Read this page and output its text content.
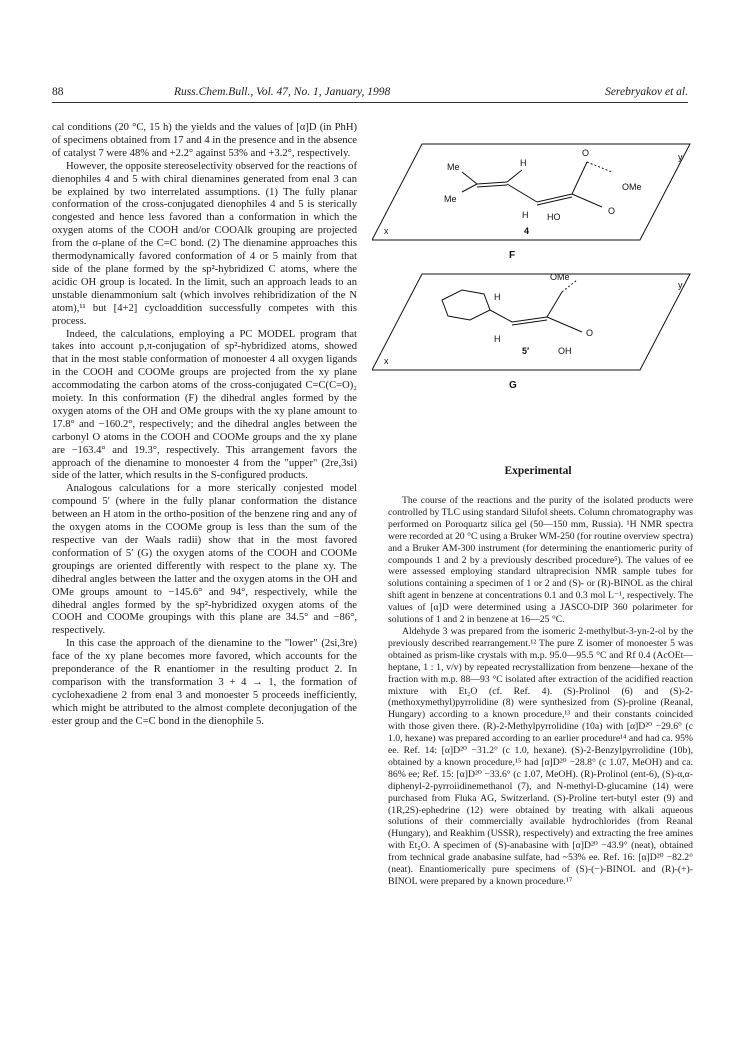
88	Russ.Chem.Bull., Vol. 47, No. 1, January, 1998	Serebryakov et al.

cal conditions (20 °C, 15 h) the yields and the values of [α]D (in PhH) of specimens obtained from 17 and 4 in the presence and in the absence of catalyst 7 were 48% and +2.2° against 53% and +3.2°, respectively.

However, the opposite stereoselectivity observed for the reactions of dienophiles 4 and 5 with chiral dienamines generated from enal 3 can be explained by two interrelated assumptions. (1) The fully planar conformation of the cross-conjugated dienophiles 4 and 5 is sterically congested and hence less favored than a conformation in which the oxygen atoms of the COOH and/or COOAlk grouping are projected from the σ-plane of the C=C bond. (2) The dienamine approaches this thermodynamically favored conformation of 4 or 5 mainly from that side of the plane formed by the sp²-hybridized C atoms, where the acidic OH group is located. In the limit, such an approach leads to an unstable dienammonium salt (which involves rehibridization of the N atom),¹¹ but [4+2] cycloaddition successfully competes with this process.

Indeed, the calculations, employing a PC MODEL program that takes into account p,π-conjugation of sp²-hybridized atoms, showed that in the most stable conformation of monoester 4 all oxygen ligands in the COOH and COOMe groups are projected from the xy plane accommodating the carbon atoms of the cross-conjugated C=C(C=O)₂ moiety. In this conformation (F) the dihedral angles formed by the oxygen atoms of the OH and OMe groups with the xy plane amount to 17.8° and −160.2°, respectively; and the dihedral angles between the carbonyl O atoms in the COOH and COOMe groups and the xy plane are −163.4° and 19.3°, respectively. This arrangement favors the approach of the dienamine to monoester 4 from the "upper" (2re,3si) side of the latter, which results in the S-configured products.

Analogous calculations for a more sterically conjested model compound 5′ (where in the fully planar conformation the distance between an H atom in the ortho-position of the benzene ring and any of the oxygen atoms in the COOMe group is less than the sum of the respective van der Waals radii) show that in the most favored conformation of 5′ (G) the oxygen atoms of the COOH and COOMe groupings are oriented differently with respect to the plane xy. The dihedral angles between the latter and the oxygen atoms in the OH and OMe groups amount to −145.6° and 94°, respectively, while the dihedral angles formed by the sp²-hybridized oxygen atoms of the COOH and COOMe groupings with this plane are 34.5° and −86°, respectively.

In this case the approach of the dienamine to the "lower" (2si,3re) face of the xy plane becomes more favored, which accounts for the preponderance of the R enantiomer in the resulting product 2. In comparison with the transformation 3 + 4 → 1, the formation of cyclohexadiene 2 from enal 3 and monoester 5 proceeds inefficiently, which might be attributed to the almost complete deconjugation of the ester group and the C=C bond in the dienophile 5.

y
x
Me
Me
H
H
O
OMe
HO
O
4
F
y
x
H
H
OMe
O
OH
5′
G
Experimental

The course of the reactions and the purity of the isolated products were controlled by TLC using standard Silufol sheets. Column chromatography was performed on Poroquartz silica gel (50—150 mm, Russia). ¹H NMR spectra were recorded at 20 °C using a Bruker WM-250 (for routine overview spectra) and a Bruker AM-300 instrument (for determining the enantiomeric purity of compounds 1 and 2 by a previously described procedure⁵). The values of ee were assessed employing standard ultraprecision NMR sample tubes for solutions containing a specimen of 1 or 2 and (S)- or (R)-BINOL as the chiral shift agent in benzene at concentrations 0.1 and 0.3 mol L⁻¹, respectively. The values of [α]D were determined using a JASCO-DIP 360 polarimeter for solutions of 1 and 2 in benzene at 16—25 °C.

Aldehyde 3 was prepared from the isomeric 2-methylbut-3-yn-2-ol by the previously described rearrangement.¹² The pure Z isomer of monoester 5 was obtained as prism-like crystals with m.p. 95.0—95.5 °C and Rf 0.4 (AcOEt—heptane, 1 : 1, v/v) by repeated recrystallization from benzene—hexane of the fraction with m.p. 88—93 °C isolated after extraction of the acidified reaction mixture with Et₂O (cf. Ref. 4). (S)-Prolinol (6) and (S)-2-(methoxymethyl)pyrrolidine (8) were synthesized from (S)-proline (Reanal, Hungary) according to a known procedure,¹³ and their constants coincided with those given there. (R)-2-Methylpyrrolidine (10a) with [α]D²⁰ −29.6° (c 1.0, hexane) was prepared according to an earlier procedure¹⁴ and had ca. 95% ee. Ref. 14: [α]D²⁰ −31.2° (c 1.0, hexane). (S)-2-Benzylpyrrolidine (10b), obtained by a known procedure,¹⁵ had [α]D²⁰ −28.8° (c 1.07, MeOH) and ca. 86% ee; Ref. 15: [α]D²⁰ −33.6° (c 1.07, MeOH). (R)-Prolinol (ent-6), (S)-α,α-diphenyl-2-pyrroiidinemethanol (7), and N-methyl-D-glucamine (14) were purchased from Fluka AG, Switzerland. (S)-Proline tert-butyl ester (9) and (1R,2S)-ephedrine (12) were obtained by treating with alkali aqueous solutions of their commercially available hydrochlorides (from Reanal (Hungary), and Reakhim (USSR), respectively) and extracting the free amines with Et₂O. A specimen of (S)-anabasine with [α]D²⁰ −43.9° (neat), obtained from technical grade anabasine sulfate, had ~53% ee. Ref. 16: [α]D²⁰ −82.2° (neat). Enantiomerically pure specimens of (S)-(−)-BINOL and (R)-(+)-BINOL were prepared by a known procedure.¹⁷
